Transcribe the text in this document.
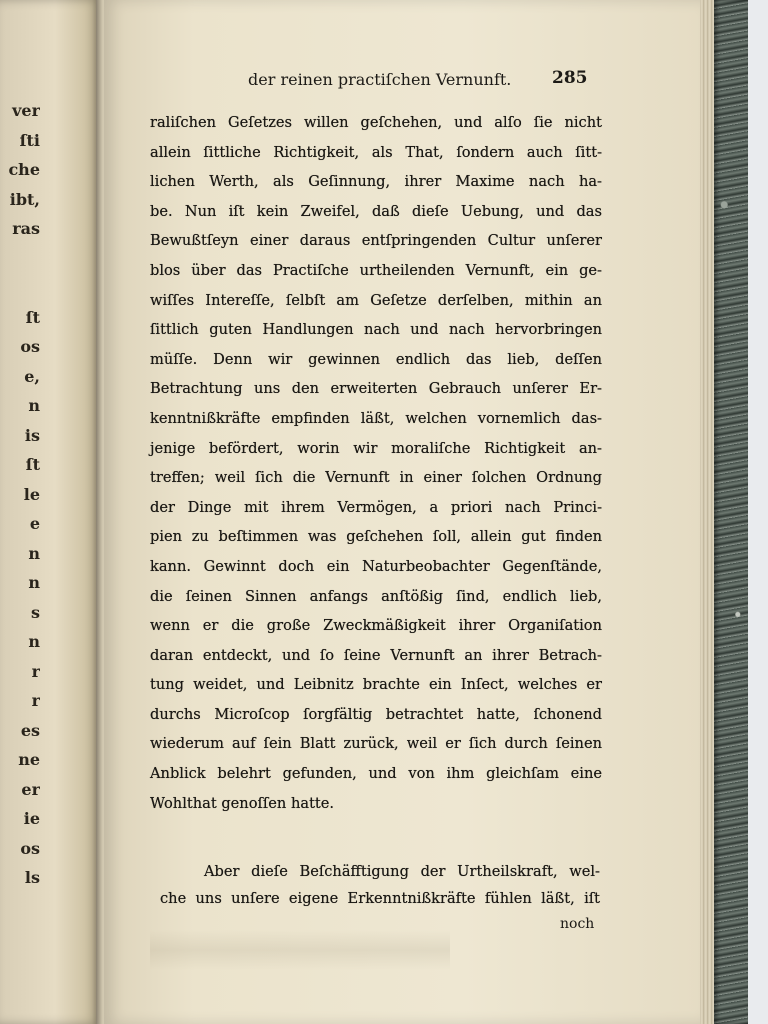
ver
ſti
che
ibt,
ras
ſt
os
e,
n
is
ſt
le
e
n
n
s
n
r
r
es
ne
er
ie
os
ls
der reinen practiſchen Vernunft. 285
raliſchen Geſetzes willen geſchehen, und alſo ſie nicht
allein ſittliche Richtigkeit, als That, ſondern auch ſitt-
lichen Werth, als Geſinnung, ihrer Maxime nach ha-
be. Nun iſt kein Zweifel, daß dieſe Uebung, und das
Bewußtſeyn einer daraus entſpringenden Cultur unſerer
blos über das Practiſche urtheilenden Vernunft, ein ge-
wiſſes Intereſſe, ſelbſt am Geſetze derſelben, mithin an
ſittlich guten Handlungen nach und nach hervorbringen
müſſe. Denn wir gewinnen endlich das lieb, deſſen
Betrachtung uns den erweiterten Gebrauch unſerer Er-
kenntnißkräfte empfinden läßt, welchen vornemlich das-
jenige befördert, worin wir moraliſche Richtigkeit an-
treffen; weil ſich die Vernunft in einer ſolchen Ordnung
der Dinge mit ihrem Vermögen, a priori nach Princi-
pien zu beſtimmen was geſchehen ſoll, allein gut finden
kann. Gewinnt doch ein Naturbeobachter Gegenſtände,
die ſeinen Sinnen anfangs anſtößig ſind, endlich lieb,
wenn er die große Zweckmäßigkeit ihrer Organiſation
daran entdeckt, und ſo ſeine Vernunft an ihrer Betrach-
tung weidet, und Leibnitz brachte ein Inſect, welches er
durchs Microſcop ſorgfältig betrachtet hatte, ſchonend
wiederum auf ſein Blatt zurück, weil er ſich durch ſeinen
Anblick belehrt gefunden, und von ihm gleichſam eine
Wohlthat genoſſen hatte.
Aber dieſe Beſchäfftigung der Urtheilskraft, wel-
che uns unſere eigene Erkenntnißkräfte fühlen läßt, iſt
noch
